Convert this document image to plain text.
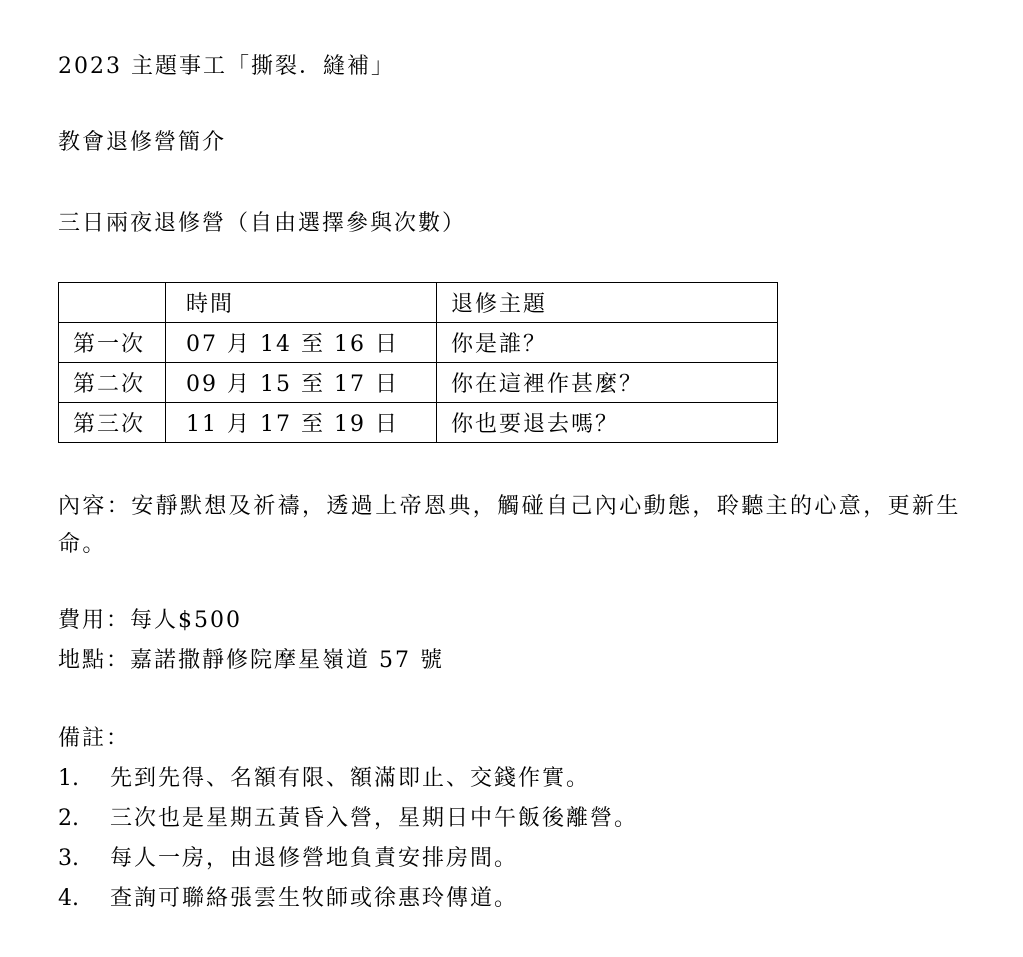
2023 主題事工「撕裂．縫補」
教會退修營簡介
三日兩夜退修營（自由選擇參與次數）
	時間	退修主題
第一次	07 月 14 至 16 日	你是誰？
第二次	09 月 15 至 17 日	你在這裡作甚麼？
第三次	11 月 17 至 19 日	你也要退去嗎？
內容：安靜默想及祈禱，透過上帝恩典，觸碰自己內心動態，聆聽主的心意，更新生命。
費用：每人$500
地點：嘉諾撒靜修院摩星嶺道 57 號
備註：
1. 先到先得、名額有限、額滿即止、交錢作實。
2. 三次也是星期五黃昏入營，星期日中午飯後離營。
3. 每人一房，由退修營地負責安排房間。
4. 查詢可聯絡張雲生牧師或徐惠玲傳道。
